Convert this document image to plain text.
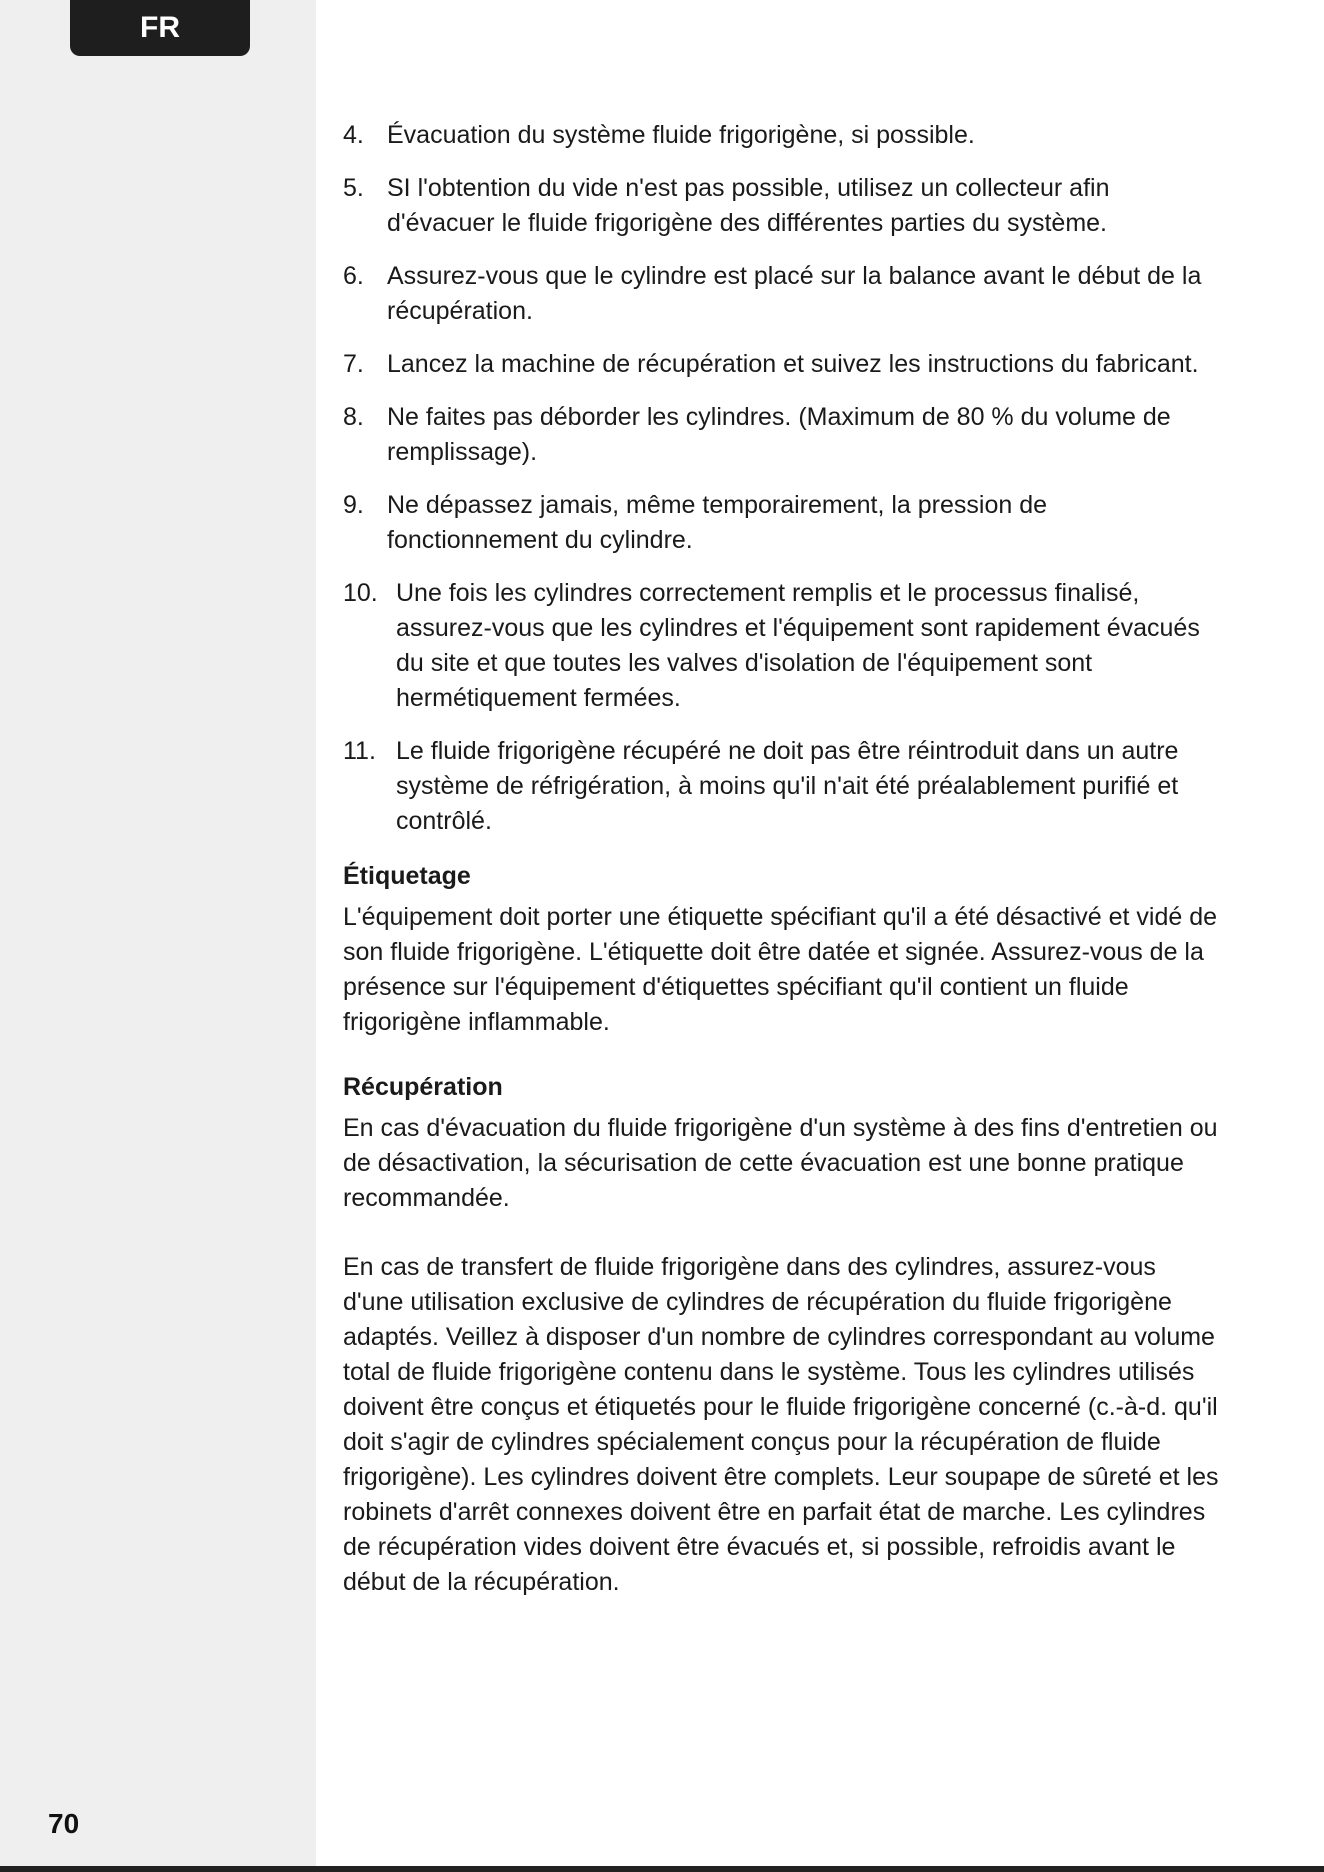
FR
70
4. Évacuation du système fluide frigorigène, si possible.
5. SI l'obtention du vide n'est pas possible, utilisez un collecteur afin d'évacuer le fluide frigorigène des différentes parties du système.
6. Assurez-vous que le cylindre est placé sur la balance avant le début de la récupération.
7. Lancez la machine de récupération et suivez les instructions du fabricant.
8. Ne faites pas déborder les cylindres. (Maximum de 80 % du volume de remplissage).
9. Ne dépassez jamais, même temporairement, la pression de fonctionnement du cylindre.
10. Une fois les cylindres correctement remplis et le processus finalisé, assurez-vous que les cylindres et l'équipement sont rapidement évacués du site et que toutes les valves d'isolation de l'équipement sont hermétiquement fermées.
11. Le fluide frigorigène récupéré ne doit pas être réintroduit dans un autre système de réfrigération, à moins qu'il n'ait été préalablement purifié et contrôlé.
Étiquetage

L'équipement doit porter une étiquette spécifiant qu'il a été désactivé et vidé de son fluide frigorigène. L'étiquette doit être datée et signée. Assurez-vous de la présence sur l'équipement d'étiquettes spécifiant qu'il contient un fluide frigorigène inflammable.

Récupération

En cas d'évacuation du fluide frigorigène d'un système à des fins d'entretien ou de désactivation, la sécurisation de cette évacuation est une bonne pratique recommandée.

En cas de transfert de fluide frigorigène dans des cylindres, assurez-vous d'une utilisation exclusive de cylindres de récupération du fluide frigorigène adaptés. Veillez à disposer d'un nombre de cylindres correspondant au volume total de fluide frigorigène contenu dans le système. Tous les cylindres utilisés doivent être conçus et étiquetés pour le fluide frigorigène concerné (c.-à-d. qu'il doit s'agir de cylindres spécialement conçus pour la récupération de fluide frigorigène). Les cylindres doivent être complets. Leur soupape de sûreté et les robinets d'arrêt connexes doivent être en parfait état de marche. Les cylindres de récupération vides doivent être évacués et, si possible, refroidis avant le début de la récupération.
